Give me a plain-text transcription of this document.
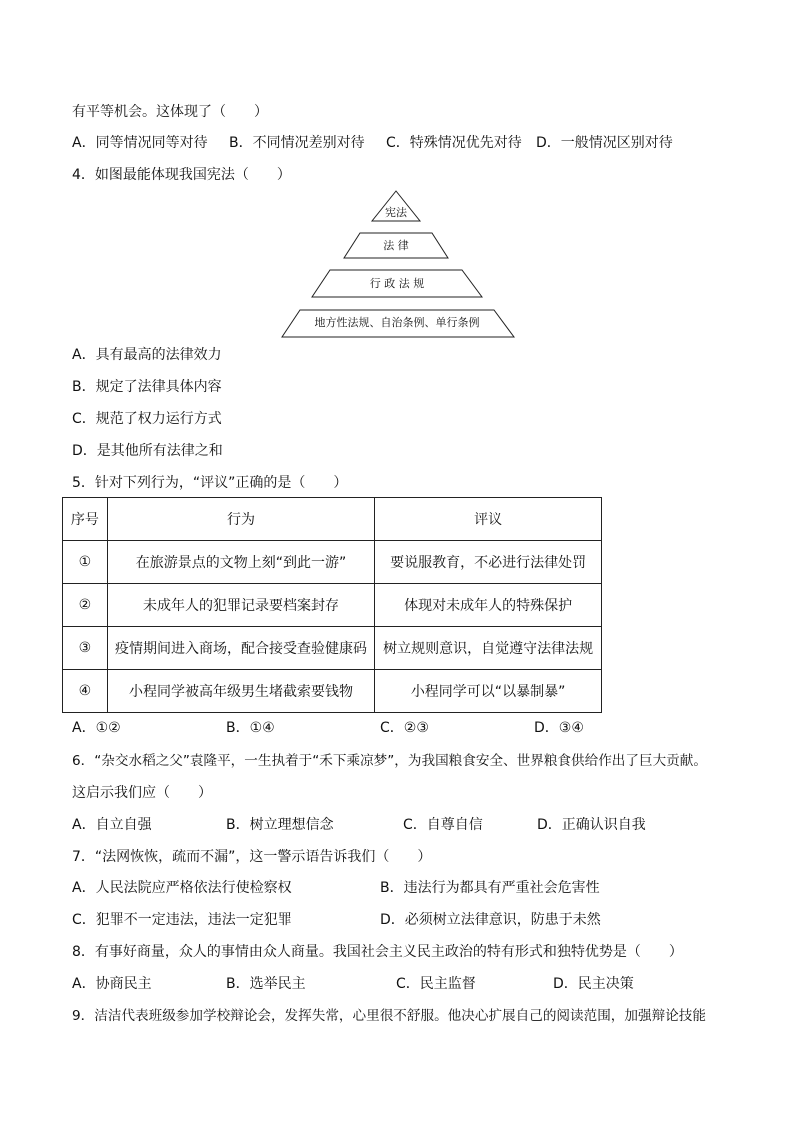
有平等机会。这体现了（　　）
A．同等情况同等对待 B．不同情况差别对待 C．特殊情况优先对待 D．一般情况区别对待
4．如图最能体现我国宪法（　　）
宪法
法 律
行 政 法 规
地方性法规、自治条例、单行条例
A．具有最高的法律效力
B．规定了法律具体内容
C．规范了权力运行方式
D．是其他所有法律之和
5．针对下列行为，“评议”正确的是（　　）
序号	行为	评议
①	在旅游景点的文物上刻“到此一游”	要说服教育，不必进行法律处罚
②	未成年人的犯罪记录要档案封存	体现对未成年人的特殊保护
③	疫情期间进入商场，配合接受查验健康码	树立规则意识，自觉遵守法律法规
④	小程同学被高年级男生堵截索要钱物	小程同学可以“以暴制暴”
A．①②	B．①④	C．②③	D．③④
6．“杂交水稻之父”袁隆平，一生执着于“禾下乘凉梦”，为我国粮食安全、世界粮食供给作出了巨大贡献。
这启示我们应（　　）
A．自立自强	B．树立理想信念	C．自尊自信	D．正确认识自我
7．“法网恢恢，疏而不漏”，这一警示语告诉我们（　　）
A．人民法院应严格依法行使检察权	B．违法行为都具有严重社会危害性
C．犯罪不一定违法，违法一定犯罪	D．必须树立法律意识，防患于未然
8．有事好商量，众人的事情由众人商量。我国社会主义民主政治的特有形式和独特优势是（　　）
A．协商民主	B．选举民主	C．民主监督	D．民主决策
9．洁洁代表班级参加学校辩论会，发挥失常，心里很不舒服。他决心扩展自己的阅读范围，加强辩论技能
